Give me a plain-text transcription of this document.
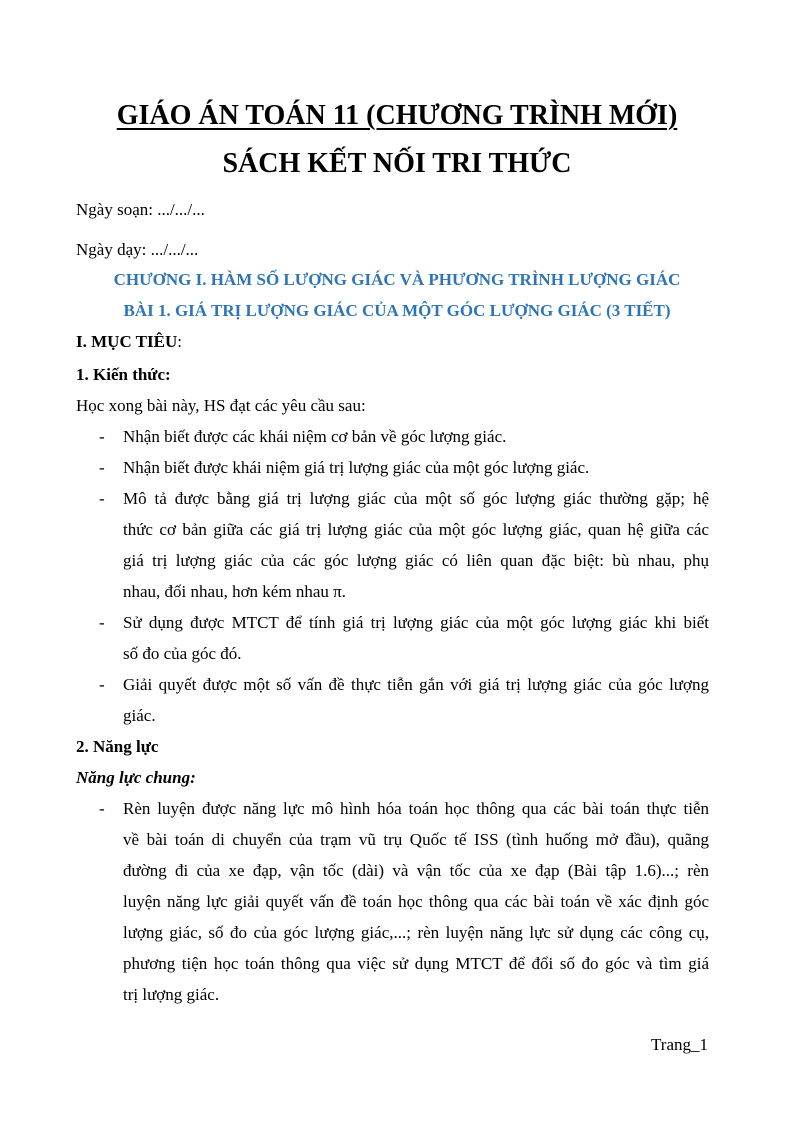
GIÁO ÁN TOÁN 11 (CHƯƠNG TRÌNH MỚI)
SÁCH KẾT NỐI TRI THỨC
Ngày soạn: .../.../...
Ngày dạy: .../.../...
CHƯƠNG I. HÀM SỐ LƯỢNG GIÁC VÀ PHƯƠNG TRÌNH LƯỢNG GIÁC
BÀI 1. GIÁ TRỊ LƯỢNG GIÁC CỦA MỘT GÓC LƯỢNG GIÁC (3 TIẾT)
I. MỤC TIÊU:
1. Kiến thức:
Học xong bài này, HS đạt các yêu cầu sau:
- Nhận biết được các khái niệm cơ bản về góc lượng giác.
- Nhận biết được khái niệm giá trị lượng giác của một góc lượng giác.
- Mô tả được bằng giá trị lượng giác của một số góc lượng giác thường gặp; hệ
thức cơ bản giữa các giá trị lượng giác của một góc lượng giác, quan hệ giữa các
giá trị lượng giác của các góc lượng giác có liên quan đặc biệt: bù nhau, phụ
nhau, đối nhau, hơn kém nhau π.
- Sử dụng được MTCT để tính giá trị lượng giác của một góc lượng giác khi biết
số đo của góc đó.
- Giải quyết được một số vấn đề thực tiễn gắn với giá trị lượng giác của góc lượng
giác.
2. Năng lực
Năng lực chung:
- Rèn luyện được năng lực mô hình hóa toán học thông qua các bài toán thực tiễn
về bài toán di chuyển của trạm vũ trụ Quốc tế ISS (tình huống mở đầu), quãng
đường đi của xe đạp, vận tốc (dài) và vận tốc của xe đạp (Bài tập 1.6)...; rèn
luyện năng lực giải quyết vấn đề toán học thông qua các bài toán về xác định góc
lượng giác, số đo của góc lượng giác,...; rèn luyện năng lực sử dụng các công cụ,
phương tiện học toán thông qua việc sử dụng MTCT để đổi số đo góc và tìm giá
trị lượng giác.
Trang_1
